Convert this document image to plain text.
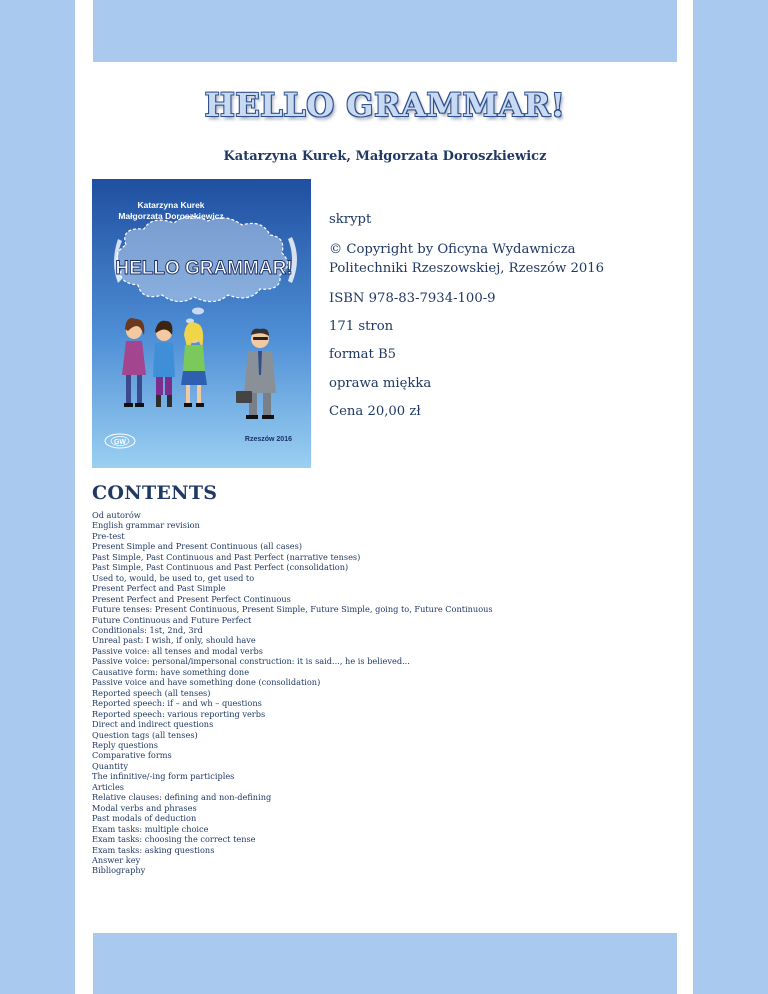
HELLO GRAMMAR!
Katarzyna Kurek, Małgorzata Doroszkiewicz
Katarzyna Kurek
Małgorzata Doroszkiewicz
HELLO GRAMMAR!
GW	Rzeszów 2016
skrypt
© Copyright by Oficyna Wydawnicza
Politechniki Rzeszowskiej, Rzeszów 2016
ISBN 978-83-7934-100-9
171 stron
format B5
oprawa miękka
Cena 20,00 zł
CONTENTS
Od autorów
English grammar revision
Pre-test
Present Simple and Present Continuous (all cases)
Past Simple, Past Continuous and Past Perfect (narrative tenses)
Past Simple, Past Continuous and Past Perfect (consolidation)
Used to, would, be used to, get used to
Present Perfect and Past Simple
Present Perfect and Present Perfect Continuous
Future tenses: Present Continuous, Present Simple, Future Simple, going to, Future Continuous
Future Continuous and Future Perfect
Conditionals: 1st, 2nd, 3rd
Unreal past: I wish, if only, should have
Passive voice: all tenses and modal verbs
Passive voice: personal/impersonal construction: it is said..., he is believed...
Causative form: have something done
Passive voice and have something done (consolidation)
Reported speech (all tenses)
Reported speech: if – and wh – questions
Reported speech: various reporting verbs
Direct and indirect questions
Question tags (all tenses)
Reply questions
Comparative forms
Quantity
The infinitive/-ing form participles
Articles
Relative clauses: defining and non-defining
Modal verbs and phrases
Past modals of deduction
Exam tasks: multiple choice
Exam tasks: choosing the correct tense
Exam tasks: asking questions
Answer key
Bibliography
